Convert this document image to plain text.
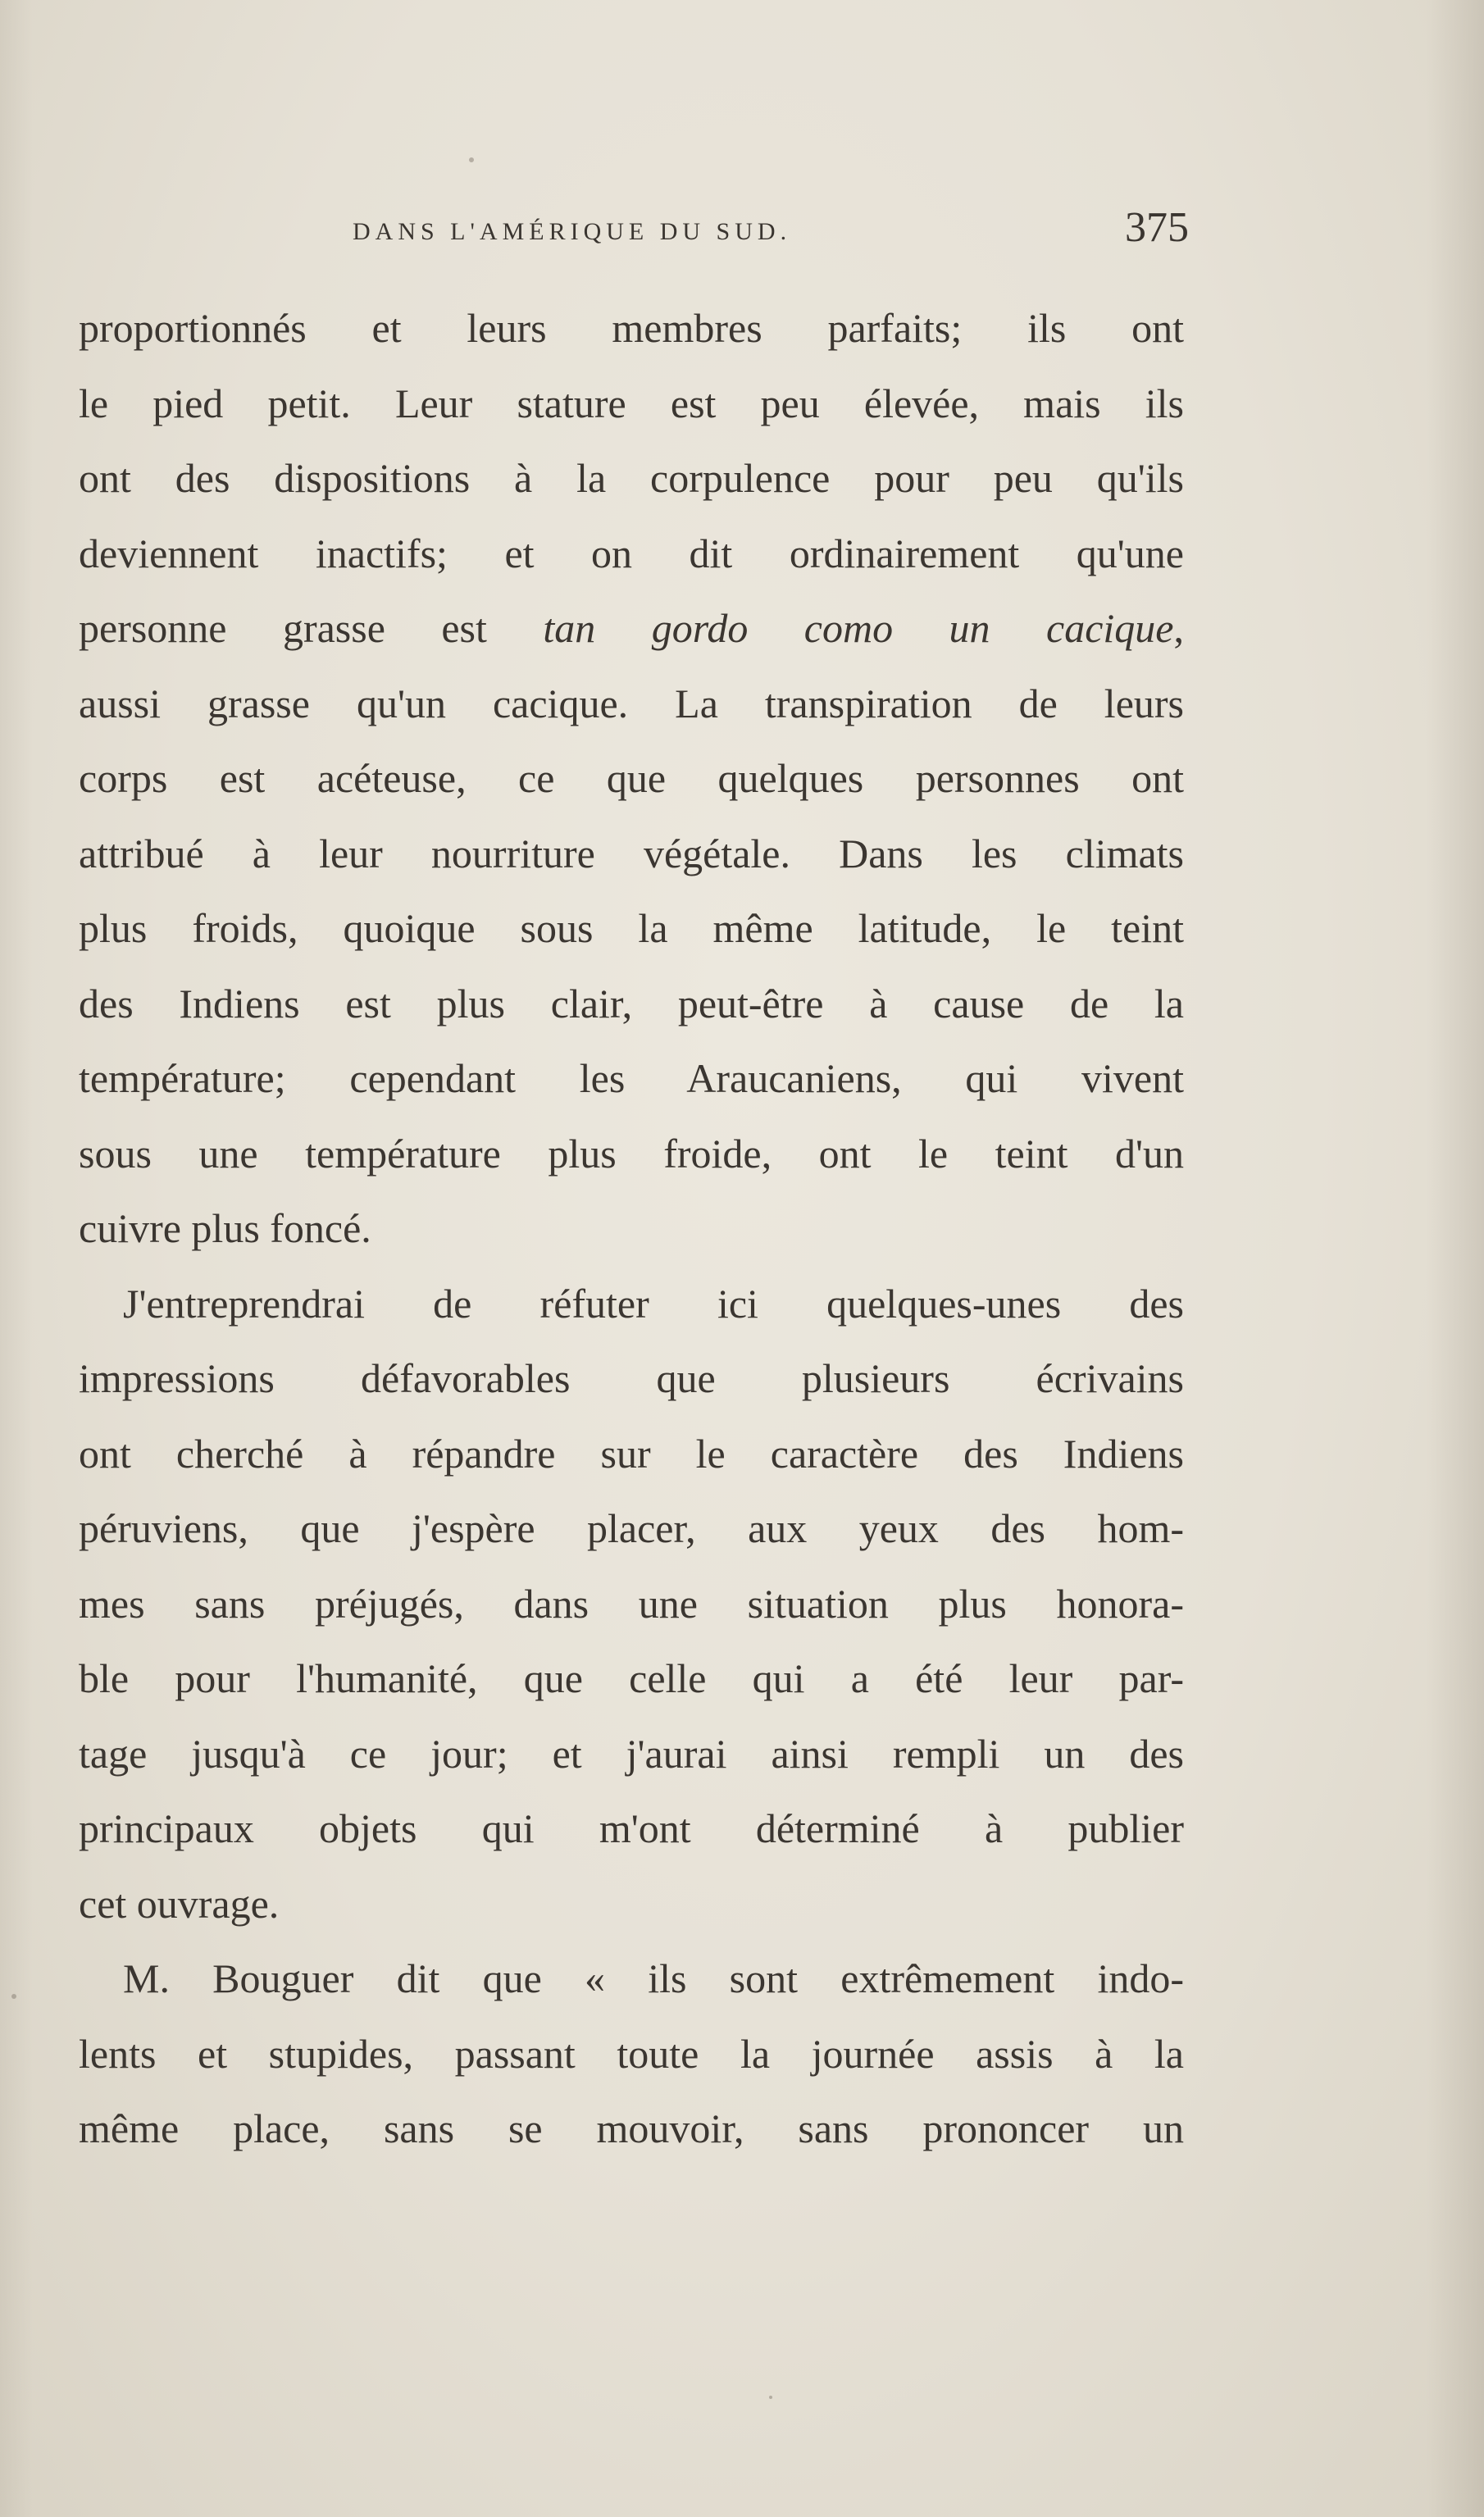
DANS L'AMÉRIQUE DU SUD.	375
proportionnés et leurs membres parfaits; ils ont
le pied petit. Leur stature est peu élevée, mais ils
ont des dispositions à la corpulence pour peu qu'ils
deviennent inactifs; et on dit ordinairement qu'une
personne grasse est tan gordo como un cacique,
aussi grasse qu'un cacique. La transpiration de leurs
corps est acéteuse, ce que quelques personnes ont
attribué à leur nourriture végétale. Dans les climats
plus froids, quoique sous la même latitude, le teint
des Indiens est plus clair, peut-être à cause de la
température; cependant les Araucaniens, qui vivent
sous une température plus froide, ont le teint d'un
cuivre plus foncé.
J'entreprendrai de réfuter ici quelques-unes des
impressions défavorables que plusieurs écrivains
ont cherché à répandre sur le caractère des Indiens
péruviens, que j'espère placer, aux yeux des hom-
mes sans préjugés, dans une situation plus honora-
ble pour l'humanité, que celle qui a été leur par-
tage jusqu'à ce jour; et j'aurai ainsi rempli un des
principaux objets qui m'ont déterminé à publier
cet ouvrage.
M. Bouguer dit que « ils sont extrêmement indo-
lents et stupides, passant toute la journée assis à la
même place, sans se mouvoir, sans prononcer un
